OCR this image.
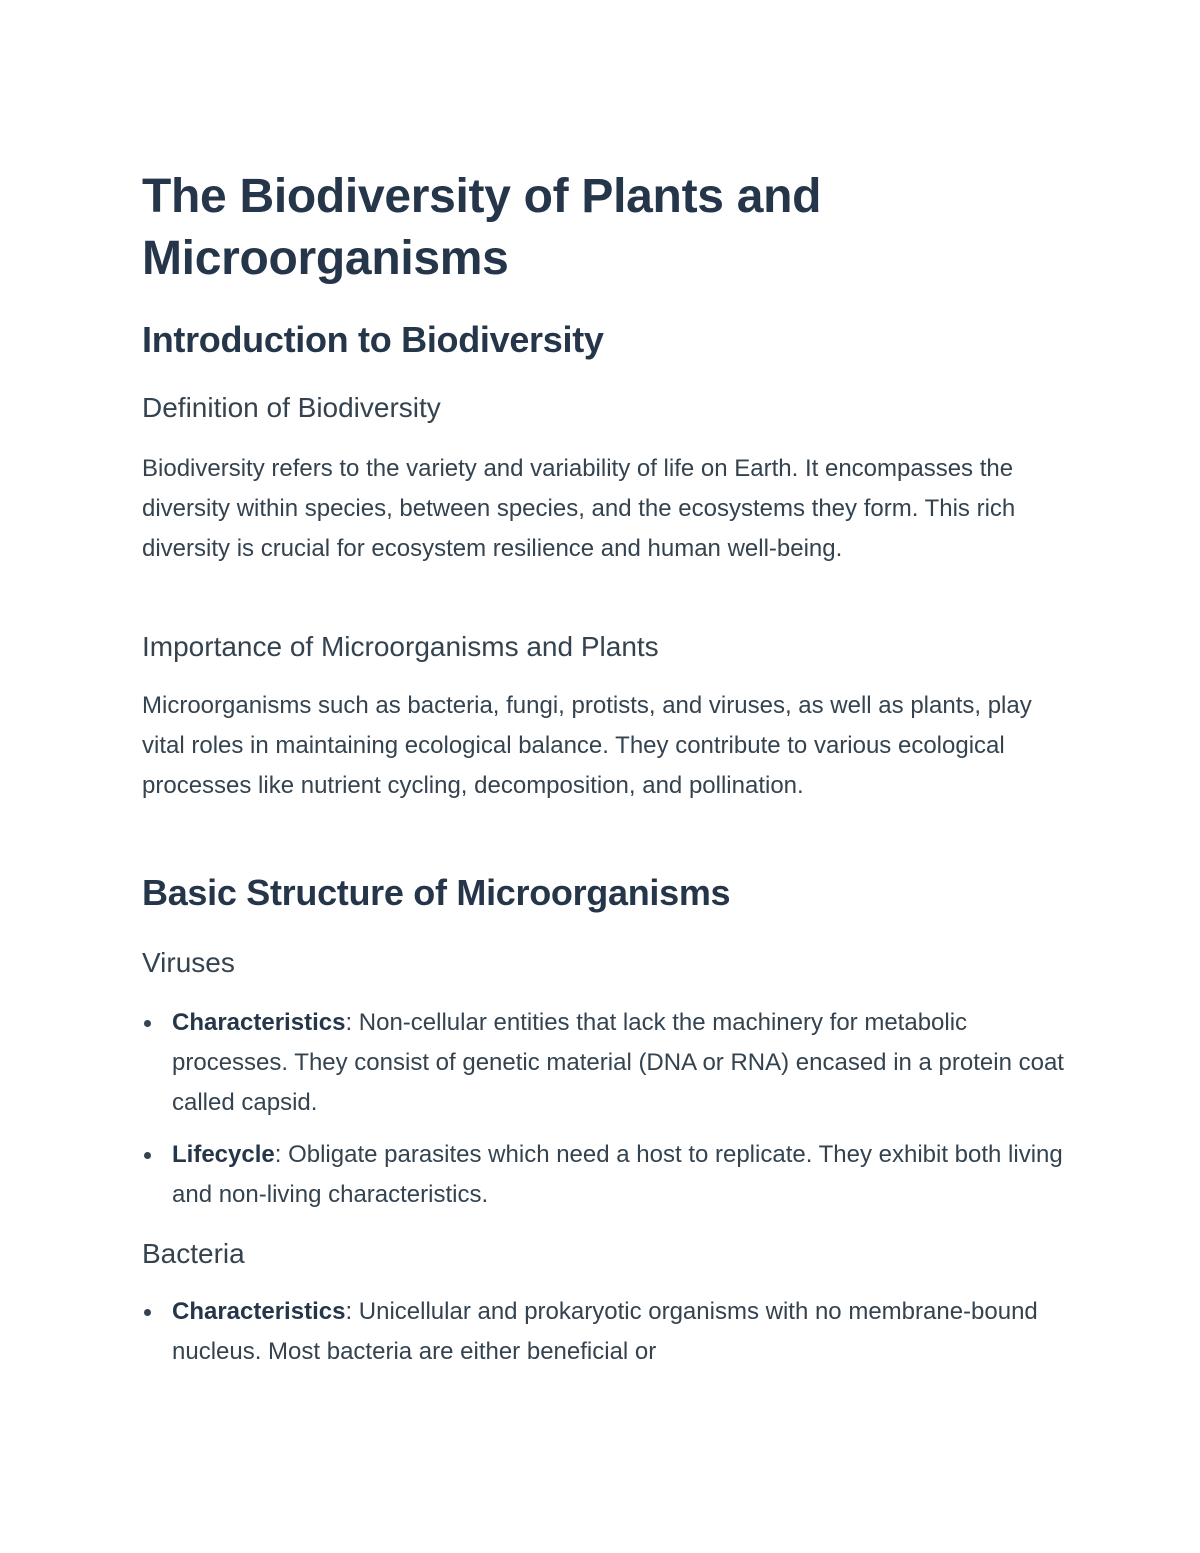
The Biodiversity of Plants and Microorganisms
Introduction to Biodiversity
Definition of Biodiversity

Biodiversity refers to the variety and variability of life on Earth. It encompasses the diversity within species, between species, and the ecosystems they form. This rich diversity is crucial for ecosystem resilience and human well-being.

Importance of Microorganisms and Plants

Microorganisms such as bacteria, fungi, protists, and viruses, as well as plants, play vital roles in maintaining ecological balance. They contribute to various ecological processes like nutrient cycling, decomposition, and pollination.

Basic Structure of Microorganisms
Viruses
Characteristics: Non-cellular entities that lack the machinery for metabolic processes. They consist of genetic material (DNA or RNA) encased in a protein coat called capsid.
Lifecycle: Obligate parasites which need a host to replicate. They exhibit both living and non-living characteristics.
Bacteria
Characteristics: Unicellular and prokaryotic organisms with no membrane-bound nucleus. Most bacteria are either beneficial or
